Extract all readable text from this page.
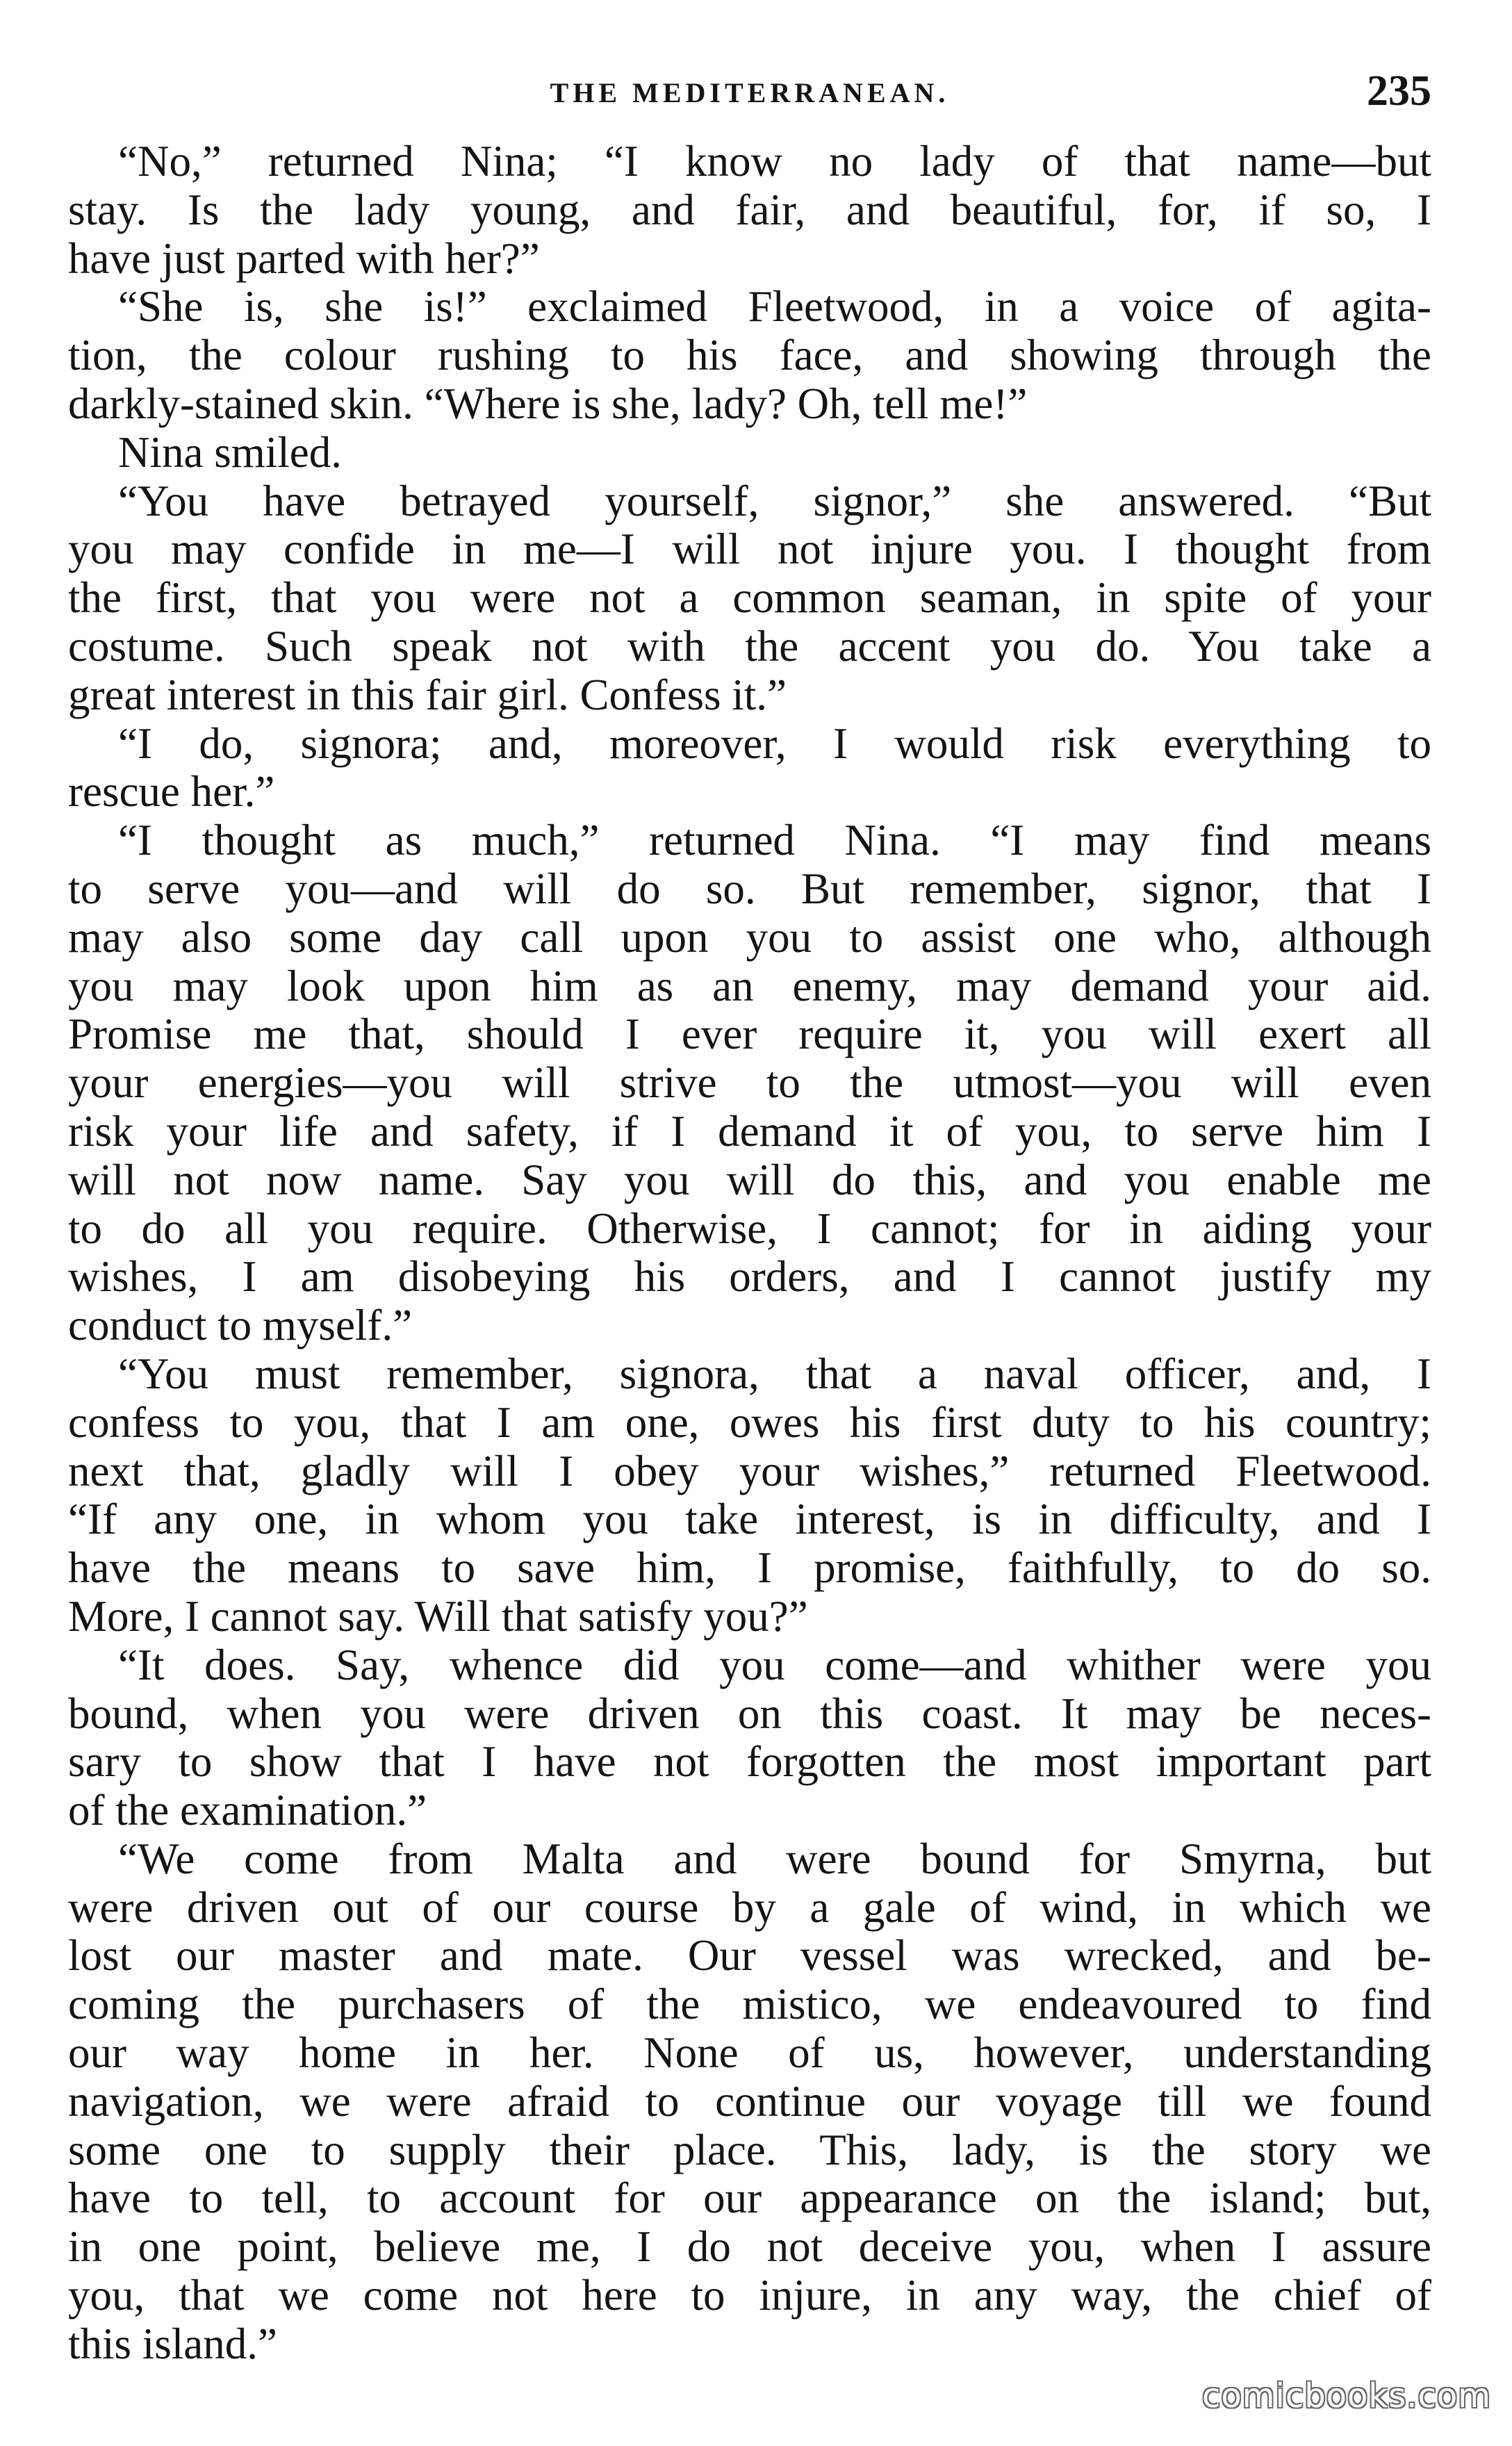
THE MEDITERRANEAN.	235
“No,” returned Nina; “I know no lady of that name—but
stay. Is the lady young, and fair, and beautiful, for, if so, I
have just parted with her?”
“She is, she is!” exclaimed Fleetwood, in a voice of agita-
tion, the colour rushing to his face, and showing through the
darkly-stained skin. “Where is she, lady? Oh, tell me!”
Nina smiled.
“You have betrayed yourself, signor,” she answered. “But
you may confide in me—I will not injure you. I thought from
the first, that you were not a common seaman, in spite of your
costume. Such speak not with the accent you do. You take a
great interest in this fair girl. Confess it.”
“I do, signora; and, moreover, I would risk everything to
rescue her.”
“I thought as much,” returned Nina. “I may find means
to serve you—and will do so. But remember, signor, that I
may also some day call upon you to assist one who, although
you may look upon him as an enemy, may demand your aid.
Promise me that, should I ever require it, you will exert all
your energies—you will strive to the utmost—you will even
risk your life and safety, if I demand it of you, to serve him I
will not now name. Say you will do this, and you enable me
to do all you require. Otherwise, I cannot; for in aiding your
wishes, I am disobeying his orders, and I cannot justify my
conduct to myself.”
“You must remember, signora, that a naval officer, and, I
confess to you, that I am one, owes his first duty to his country;
next that, gladly will I obey your wishes,” returned Fleetwood.
“If any one, in whom you take interest, is in difficulty, and I
have the means to save him, I promise, faithfully, to do so.
More, I cannot say. Will that satisfy you?”
“It does. Say, whence did you come—and whither were you
bound, when you were driven on this coast. It may be neces-
sary to show that I have not forgotten the most important part
of the examination.”
“We come from Malta and were bound for Smyrna, but
were driven out of our course by a gale of wind, in which we
lost our master and mate. Our vessel was wrecked, and be-
coming the purchasers of the mistico, we endeavoured to find
our way home in her. None of us, however, understanding
navigation, we were afraid to continue our voyage till we found
some one to supply their place. This, lady, is the story we
have to tell, to account for our appearance on the island; but,
in one point, believe me, I do not deceive you, when I assure
you, that we come not here to injure, in any way, the chief of
this island.”
comicbooks.com
